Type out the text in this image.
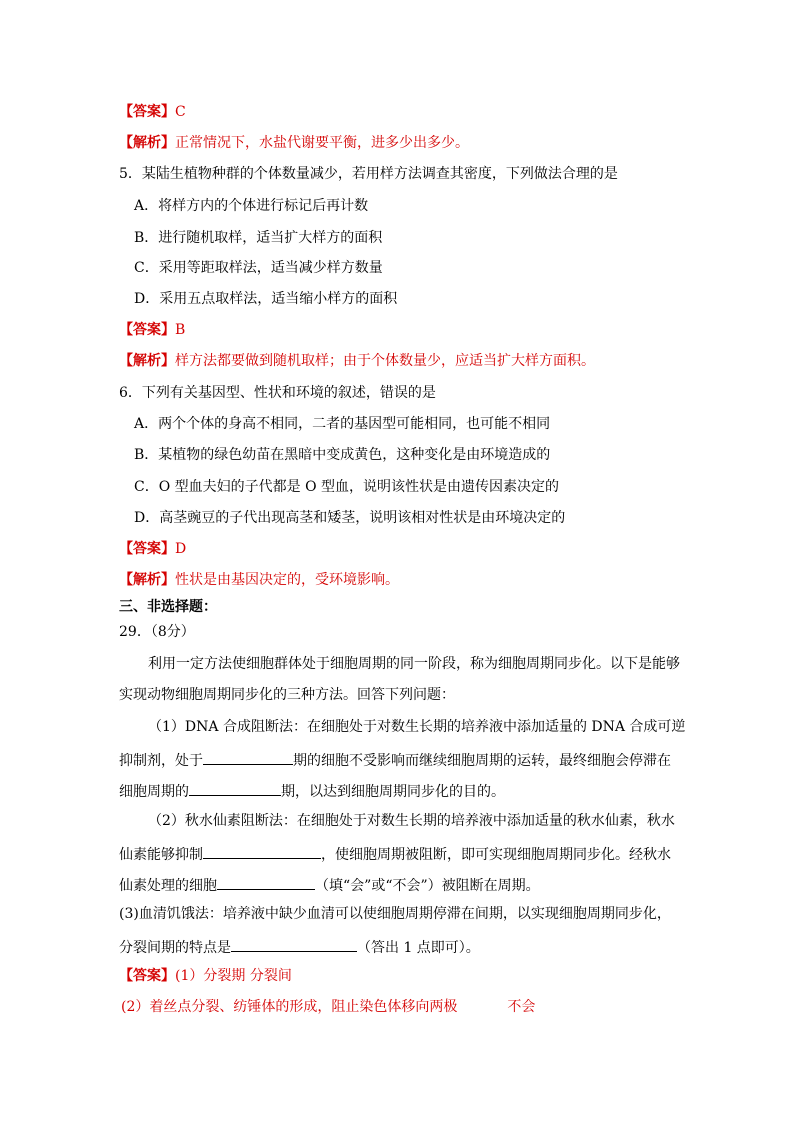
【答案】C
【解析】正常情况下，水盐代谢要平衡，进多少出多少。
5．某陆生植物种群的个体数量减少，若用样方法调查其密度，下列做法合理的是
A．将样方内的个体进行标记后再计数
B．进行随机取样，适当扩大样方的面积
C．采用等距取样法，适当减少样方数量
D．采用五点取样法，适当缩小样方的面积
【答案】B
【解析】样方法都要做到随机取样；由于个体数量少，应适当扩大样方面积。
6．下列有关基因型、性状和环境的叙述，错误的是
A．两个个体的身高不相同，二者的基因型可能相同，也可能不相同
B．某植物的绿色幼苗在黑暗中变成黄色，这种变化是由环境造成的
C．O 型血夫妇的子代都是 O 型血，说明该性状是由遗传因素决定的
D．高茎豌豆的子代出现高茎和矮茎，说明该相对性状是由环境决定的
【答案】D
【解析】性状是由基因决定的，受环境影响。
三、非选择题：
29．（8分）
利用一定方法使细胞群体处于细胞周期的同一阶段，称为细胞周期同步化。以下是能够
实现动物细胞周期同步化的三种方法。回答下列问题：
（1）DNA 合成阻断法：在细胞处于对数生长期的培养液中添加适量的 DNA 合成可逆
抑制剂，处于	期的细胞不受影响而继续细胞周期的运转，最终细胞会停滞在
细胞周期的	期，以达到细胞周期同步化的目的。
（2）秋水仙素阻断法：在细胞处于对数生长期的培养液中添加适量的秋水仙素，秋水
仙素能够抑制	，使细胞周期被阻断，即可实现细胞周期同步化。经秋水
仙素处理的细胞	（填“会”或“不会”）被阻断在周期。
(3)血清饥饿法：培养液中缺少血清可以使细胞周期停滞在间期，以实现细胞周期同步化，
分裂间期的特点是	（答出 1 点即可）。
【答案】(1）分裂期 分裂间
(2）着丝点分裂、纺锤体的形成，阻止染色体移向两极	不会
